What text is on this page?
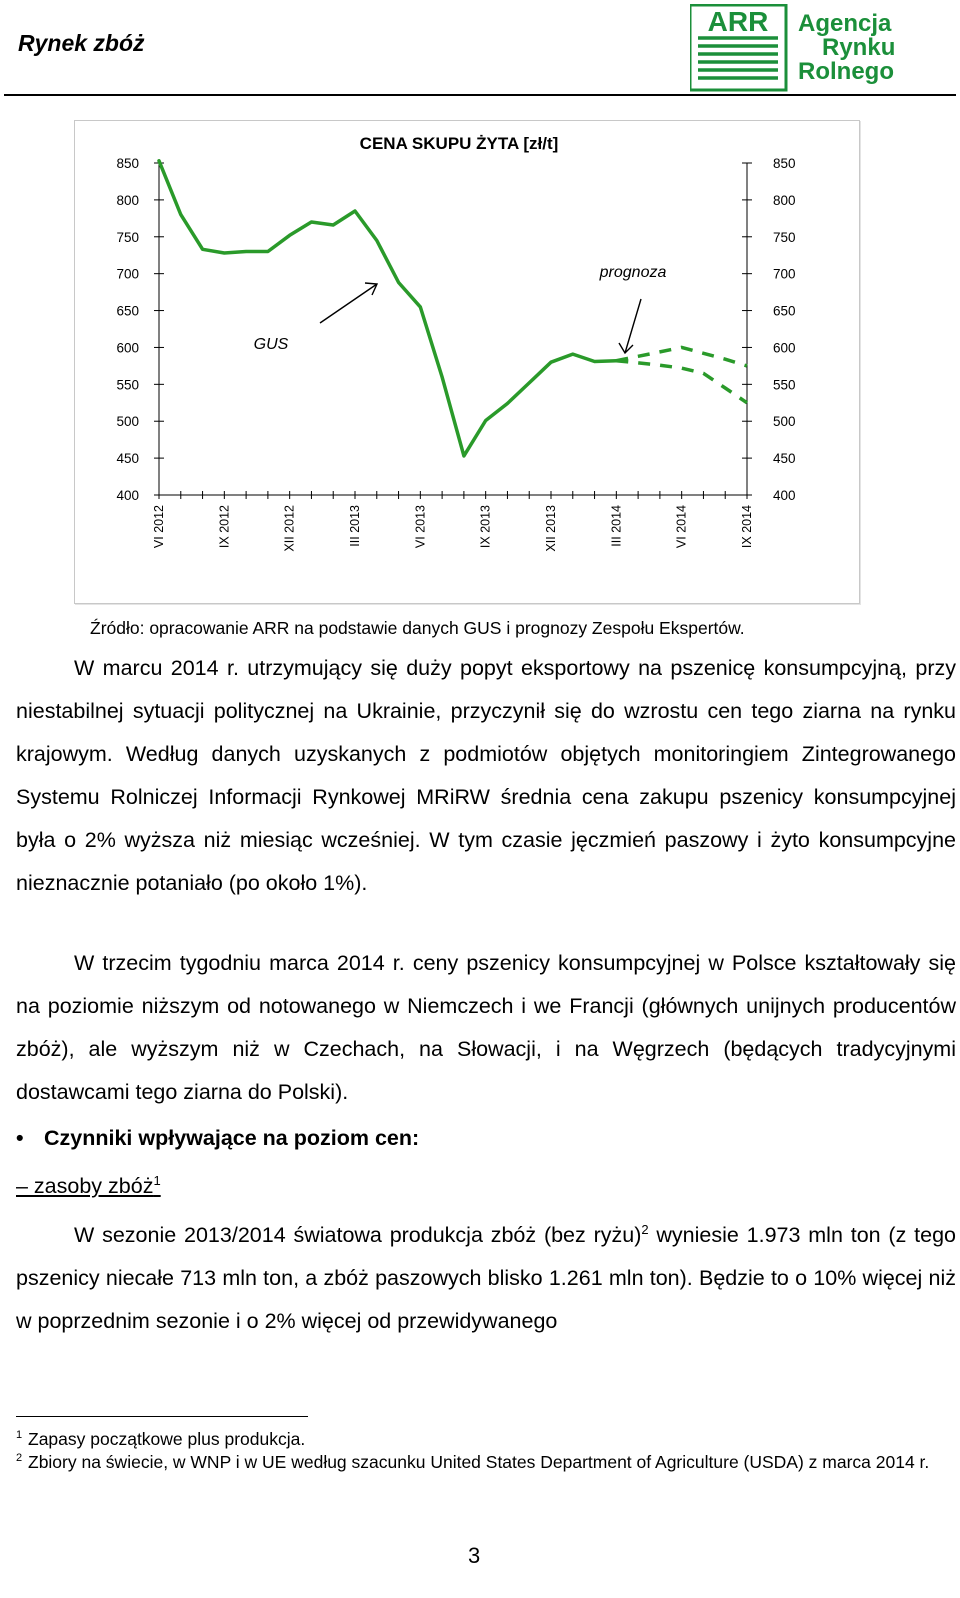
Rynek zbóż
ARR Agencja
Rynku
Rolnego
CENA SKUPU ŻYTA [zł/t]
850	850
800	800
750	750
700	700
650	650
600	600
550	550
500	500
450	450
400	400
VI 2012	IX 2012	XII 2012	III 2013	VI 2013	IX 2013	XII 2013	III 2014	VI 2014	IX 2014
GUS
prognoza
Źródło: opracowanie ARR na podstawie danych GUS i prognozy Zespołu Ekspertów.

W marcu 2014 r. utrzymujący się duży popyt eksportowy na pszenicę konsumpcyjną, przy niestabilnej sytuacji politycznej na Ukrainie, przyczynił się do wzrostu cen tego ziarna na rynku krajowym. Według danych uzyskanych z podmiotów objętych monitoringiem Zintegrowanego Systemu Rolniczej Informacji Rynkowej MRiRW średnia cena zakupu pszenicy konsumpcyjnej była o 2% wyższa niż miesiąc wcześniej. W tym czasie jęczmień paszowy i żyto konsumpcyjne nieznacznie potaniało (po około 1%).

W trzecim tygodniu marca 2014 r. ceny pszenicy konsumpcyjnej w Polsce kształtowały się na poziomie niższym od notowanego w Niemczech i we Francji (głównych unijnych producentów zbóż), ale wyższym niż w Czechach, na Słowacji, i na Węgrzech (będących tradycyjnymi dostawcami tego ziarna do Polski).

• Czynniki wpływające na poziom cen:
– zasoby zbóż$^1$

W sezonie 2013/2014 światowa produkcja zbóż (bez ryżu)$^2$ wyniesie 1.973 mln ton (z tego pszenicy niecałe 713 mln ton, a zbóż paszowych blisko 1.261 mln ton). Będzie to o 10% więcej niż w poprzednim sezonie i o 2% więcej od przewidywanego

1 Zapasy początkowe plus produkcja.
2 Zbiory na świecie, w WNP i w UE według szacunku United States Department of Agriculture (USDA) z marca 2014 r.
3
